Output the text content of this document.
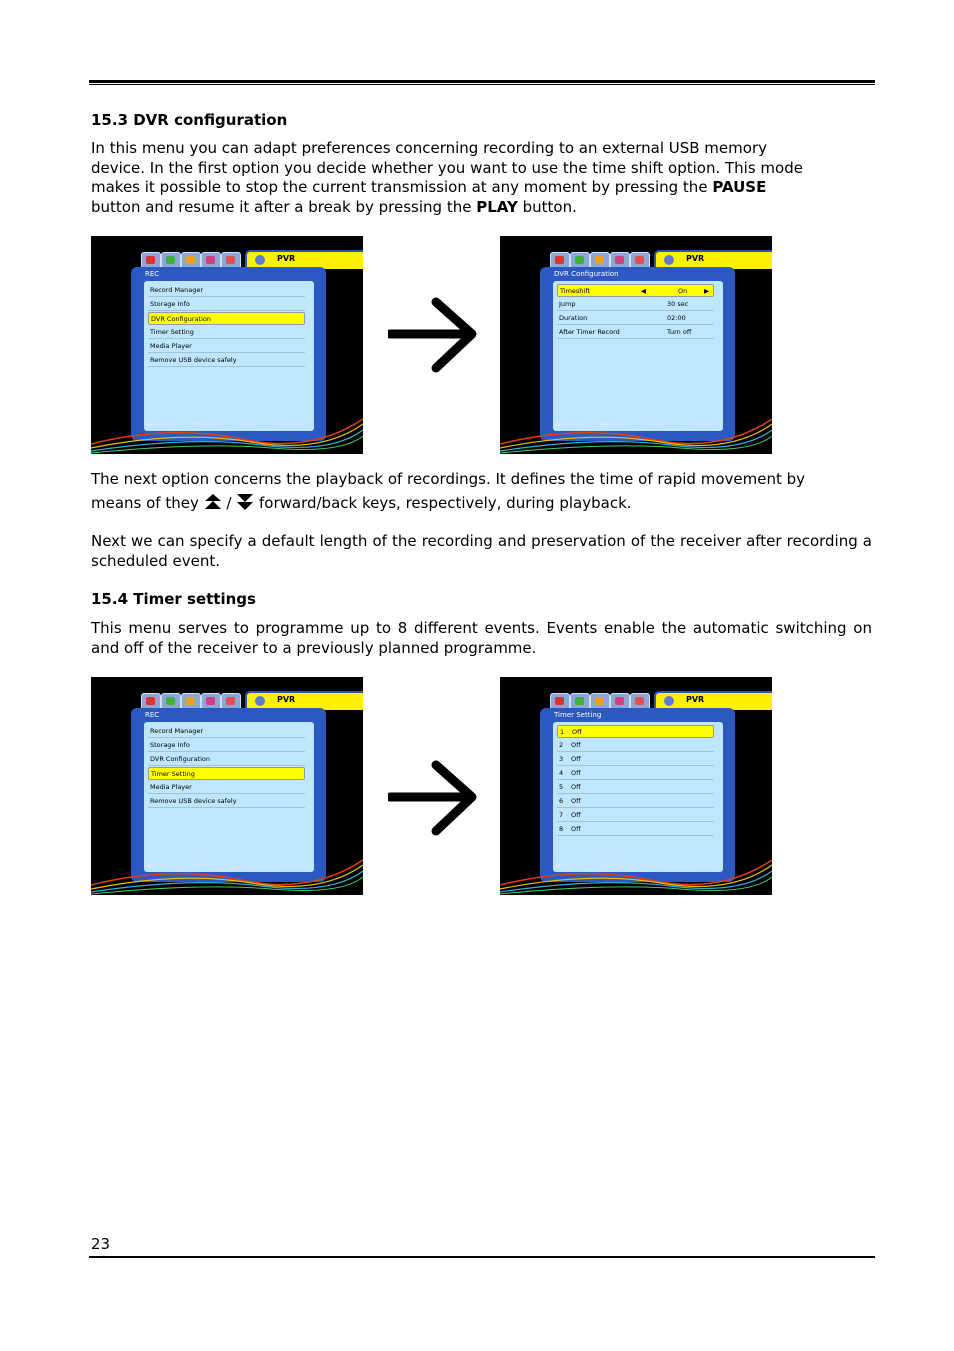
15.3 DVR configuration

In this menu you can adapt preferences concerning recording to an external USB memory
device. In the first option you decide whether you want to use the time shift option. This mode
makes it possible to stop the current transmission at any moment by pressing the PAUSE
button and resume it after a break by pressing the PLAY button.

PVR
REC
Record Manager
Storage Info
DVR Configuration
Timer Setting
Media Player
Remove USB device safely
◀▶ Change ▲▼ Move	⊙ Exit	⊙ Select
PVR
DVR Configuration
Timeshift	◀	On	▶
Jump	30 sec
Duration	02:00
After Timer Record	Turn off
◀▶ Change ▲▼ Move	⊙ Exit	⊙ Select

The next option concerns the playback of recordings. It defines the time of rapid movement by
means of they  /  forward/back keys, respectively, during playback.

Next we can specify a default length of the recording and preservation of the receiver after recording a scheduled event.

15.4 Timer settings

This menu serves to programme up to 8 different events. Events enable the automatic switching on and off of the receiver to a previously planned programme.

PVR
REC
Record Manager
Storage Info
DVR Configuration
Timer Setting
Media Player
Remove USB device safely
◀▶ Change ▲▼ Move	⊙ Exit	⊙ Select
PVR
Timer Setting
1 Off
2 Off
3 Off
4 Off
5 Off
6 Off
7 Off
8 Off
◀▶ Change ▲▼ Move	⊙ Exit	⊙ Select
23
